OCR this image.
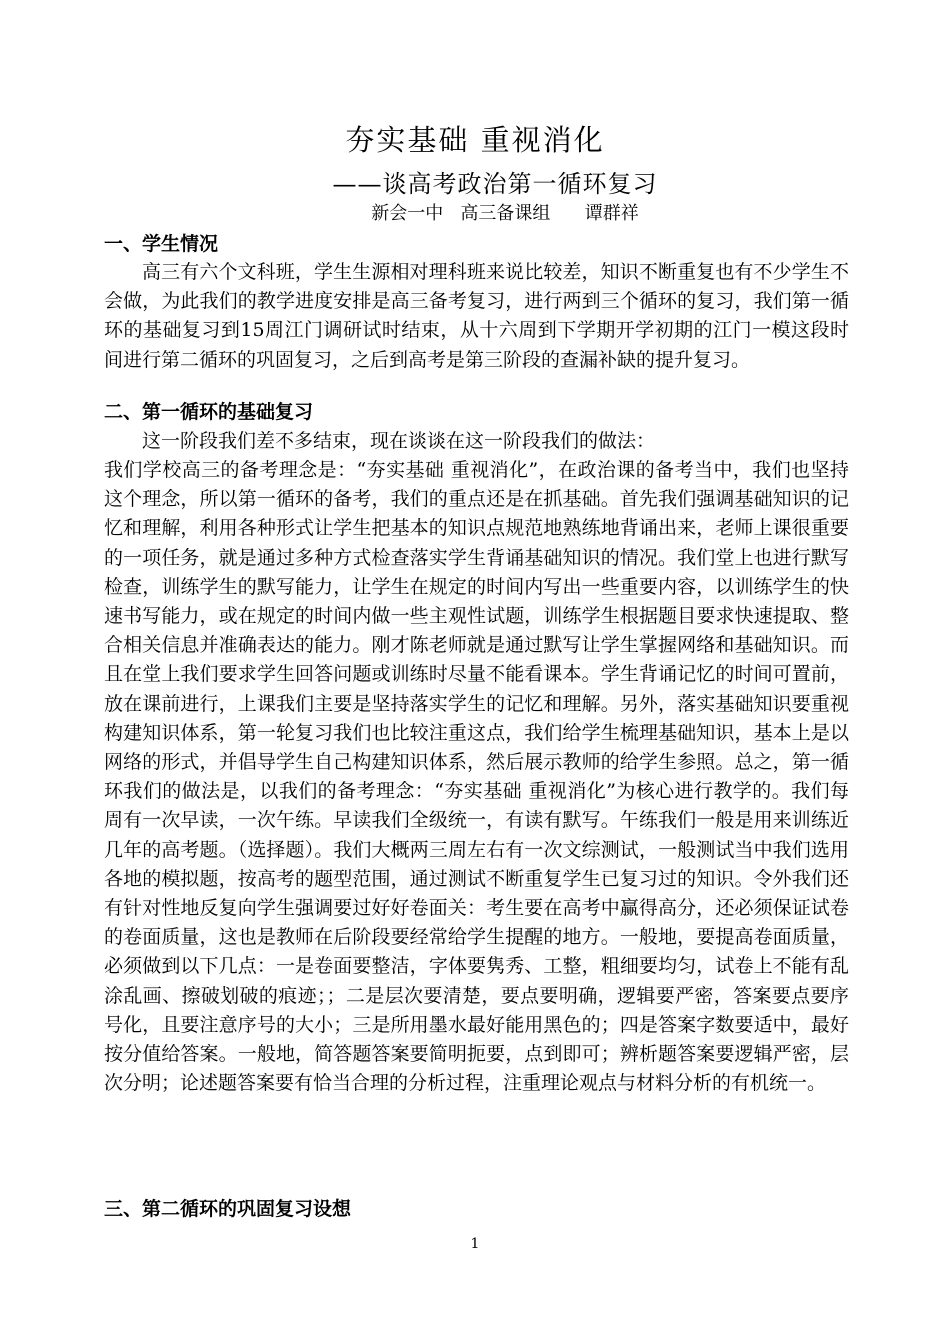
夯实基础 重视消化
——谈高考政治第一循环复习
新会一中   高三备课组      谭群祥
一、学生情况
高三有六个文科班，学生生源相对理科班来说比较差，知识不断重复也有不少学生不会做，为此我们的教学进度安排是高三备考复习，进行两到三个循环的复习，我们第一循环的基础复习到15周江门调研试时结束，从十六周到下学期开学初期的江门一模这段时间进行第二循环的巩固复习，之后到高考是第三阶段的查漏补缺的提升复习。
二、第一循环的基础复习
这一阶段我们差不多结束，现在谈谈在这一阶段我们的做法：
我们学校高三的备考理念是：“夯实基础 重视消化”，在政治课的备考当中，我们也坚持这个理念，所以第一循环的备考，我们的重点还是在抓基础。首先我们强调基础知识的记忆和理解，利用各种形式让学生把基本的知识点规范地熟练地背诵出来，老师上课很重要的一项任务，就是通过多种方式检查落实学生背诵基础知识的情况。我们堂上也进行默写检查，训练学生的默写能力，让学生在规定的时间内写出一些重要内容，以训练学生的快速书写能力，或在规定的时间内做一些主观性试题，训练学生根据题目要求快速提取、整合相关信息并准确表达的能力。刚才陈老师就是通过默写让学生掌握网络和基础知识。而且在堂上我们要求学生回答问题或训练时尽量不能看课本。学生背诵记忆的时间可置前，放在课前进行，上课我们主要是坚持落实学生的记忆和理解。另外，落实基础知识要重视构建知识体系，第一轮复习我们也比较注重这点，我们给学生梳理基础知识，基本上是以网络的形式，并倡导学生自己构建知识体系，然后展示教师的给学生参照。总之，第一循环我们的做法是，以我们的备考理念：“夯实基础 重视消化”为核心进行教学的。我们每周有一次早读，一次午练。早读我们全级统一，有读有默写。午练我们一般是用来训练近几年的高考题。（选择题）。我们大概两三周左右有一次文综测试，一般测试当中我们选用各地的模拟题，按高考的题型范围，通过测试不断重复学生已复习过的知识。令外我们还有针对性地反复向学生强调要过好好卷面关：考生要在高考中赢得高分，还必须保证试卷的卷面质量，这也是教师在后阶段要经常给学生提醒的地方。一般地，要提高卷面质量，必须做到以下几点：一是卷面要整洁，字体要隽秀、工整，粗细要均匀，试卷上不能有乱涂乱画、擦破划破的痕迹；；二是层次要清楚，要点要明确，逻辑要严密，答案要点要序号化，且要注意序号的大小；三是所用墨水最好能用黑色的；四是答案字数要适中，最好按分值给答案。一般地，简答题答案要简明扼要，点到即可；辨析题答案要逻辑严密，层次分明；论述题答案要有恰当合理的分析过程，注重理论观点与材料分析的有机统一。
三、第二循环的巩固复习设想
1
